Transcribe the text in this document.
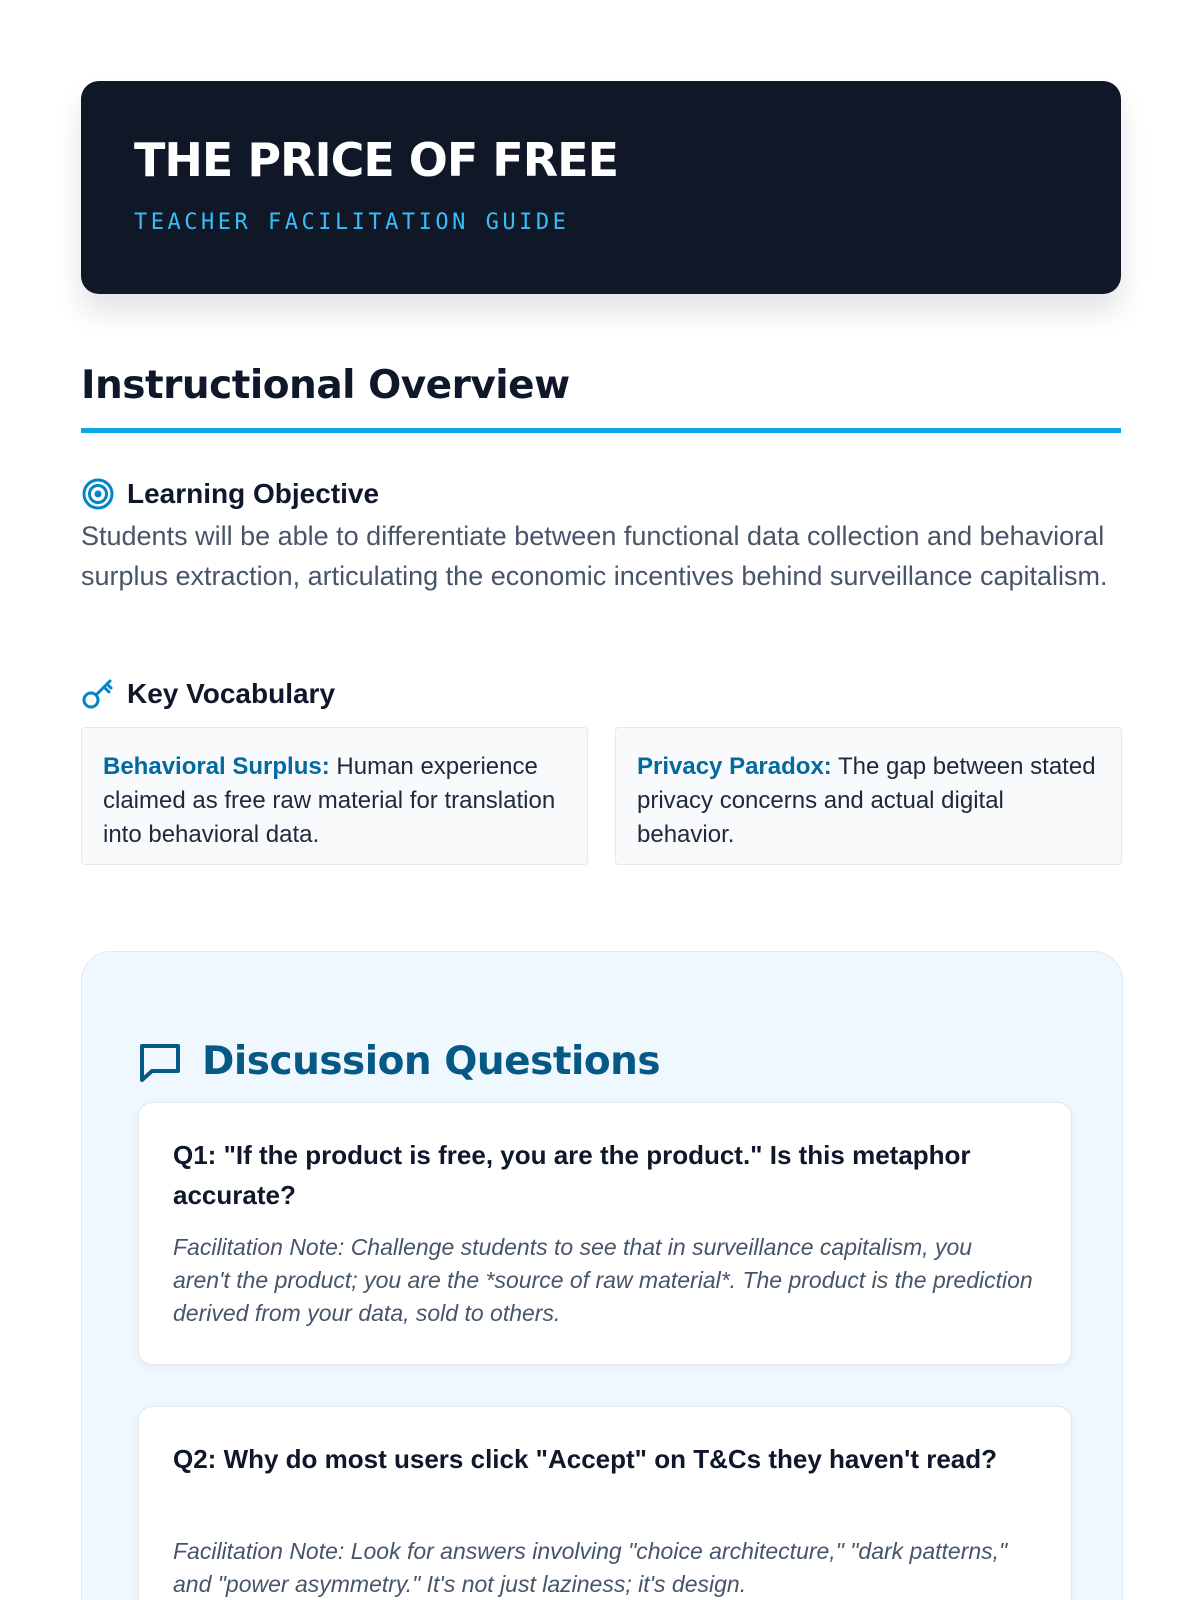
THE PRICE OF FREE
TEACHER FACILITATION GUIDE
Instructional Overview
Learning Objective

Students will be able to differentiate between functional data collection and behavioral surplus extraction, articulating the economic incentives behind surveillance capitalism.

Key Vocabulary
Behavioral Surplus: Human experience claimed as free raw material for translation into behavioral data.
Privacy Paradox: The gap between stated privacy concerns and actual digital behavior.
Discussion Questions

Q1: "If the product is free, you are the product." Is this metaphor accurate?

Facilitation Note: Challenge students to see that in surveillance capitalism, you aren't the product; you are the *source of raw material*. The product is the prediction derived from your data, sold to others.

Q2: Why do most users click "Accept" on T&Cs they haven't read?

Facilitation Note: Look for answers involving "choice architecture," "dark patterns," and "power asymmetry." It's not just laziness; it's design.
